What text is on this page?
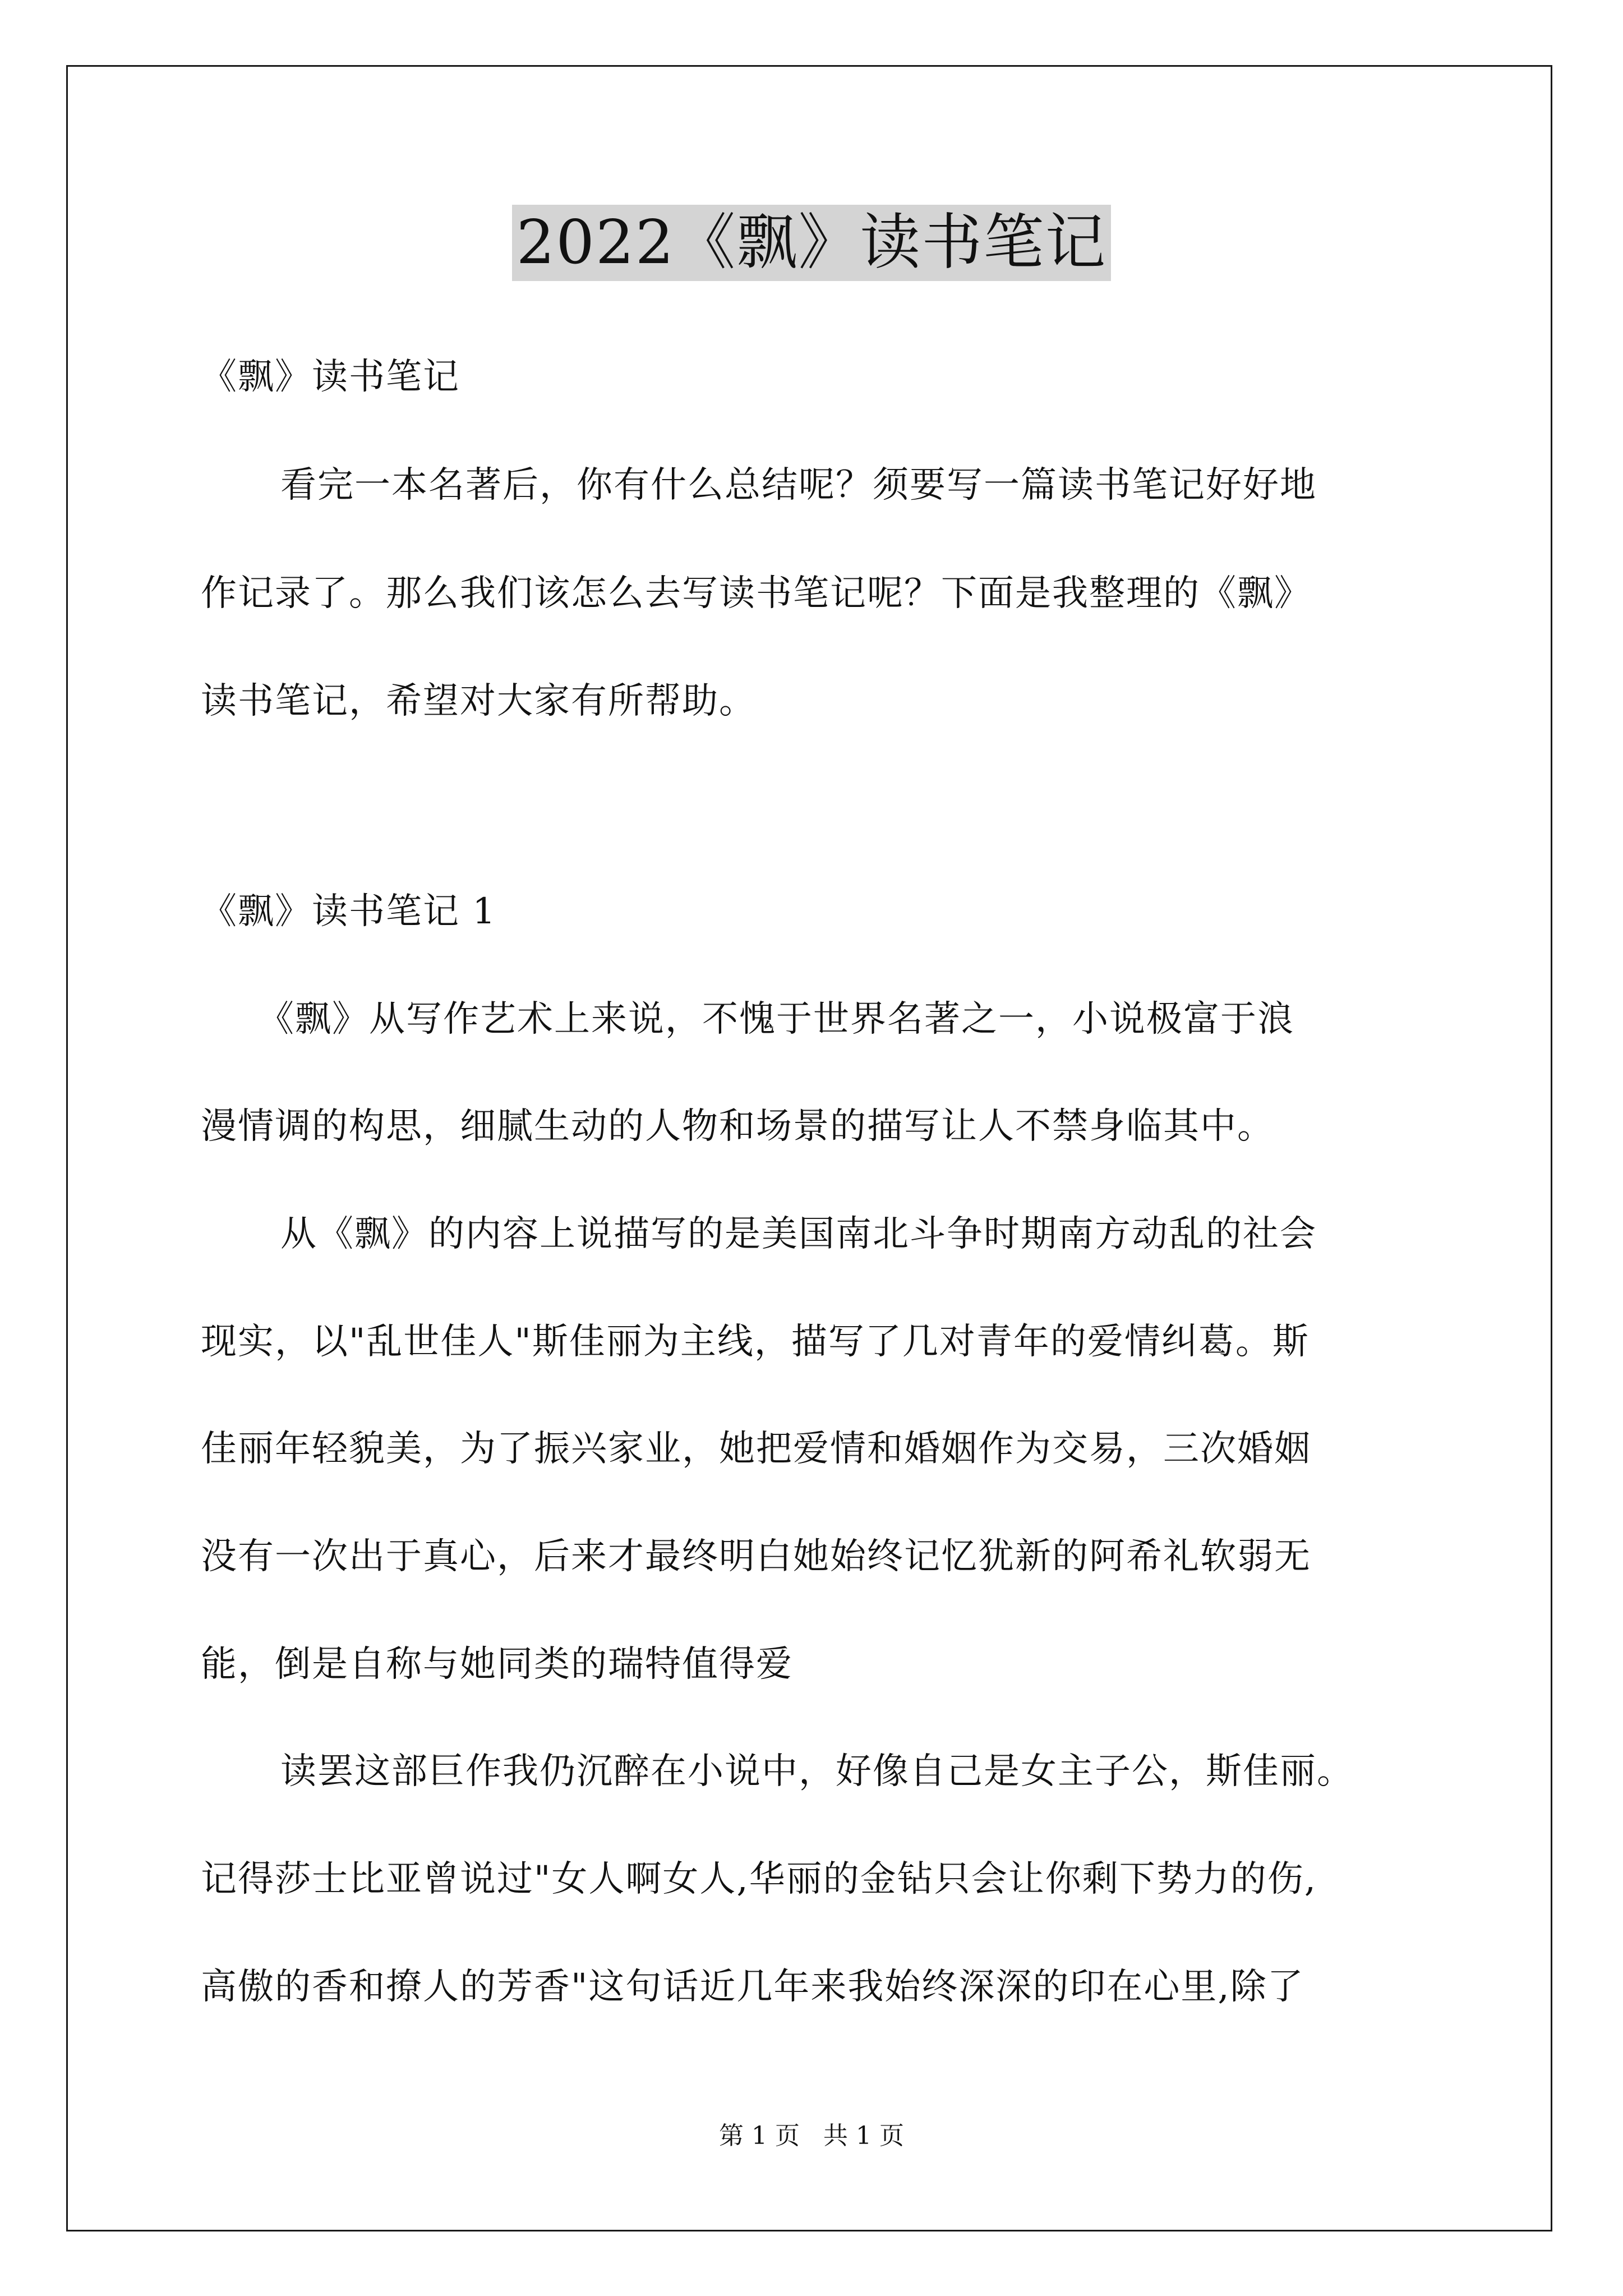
2022《飘》读书笔记
《飘》读书笔记
看完一本名著后，你有什么总结呢？须要写一篇读书笔记好好地
作记录了。那么我们该怎么去写读书笔记呢？下面是我整理的《飘》
读书笔记，希望对大家有所帮助。
《飘》读书笔记 1
《飘》从写作艺术上来说，不愧于世界名著之一，小说极富于浪
漫情调的构思，细腻生动的人物和场景的描写让人不禁身临其中。
从《飘》的内容上说描写的是美国南北斗争时期南方动乱的社会
现实，以"乱世佳人"斯佳丽为主线，描写了几对青年的爱情纠葛。斯
佳丽年轻貌美，为了振兴家业，她把爱情和婚姻作为交易，三次婚姻
没有一次出于真心，后来才最终明白她始终记忆犹新的阿希礼软弱无
能，倒是自称与她同类的瑞特值得爱
读罢这部巨作我仍沉醉在小说中，好像自己是女主子公，斯佳丽。
记得莎士比亚曾说过"女人啊女人,华丽的金钻只会让你剩下势力的伤,
高傲的香和撩人的芳香"这句话近几年来我始终深深的印在心里,除了
第 1 页 共 1 页
